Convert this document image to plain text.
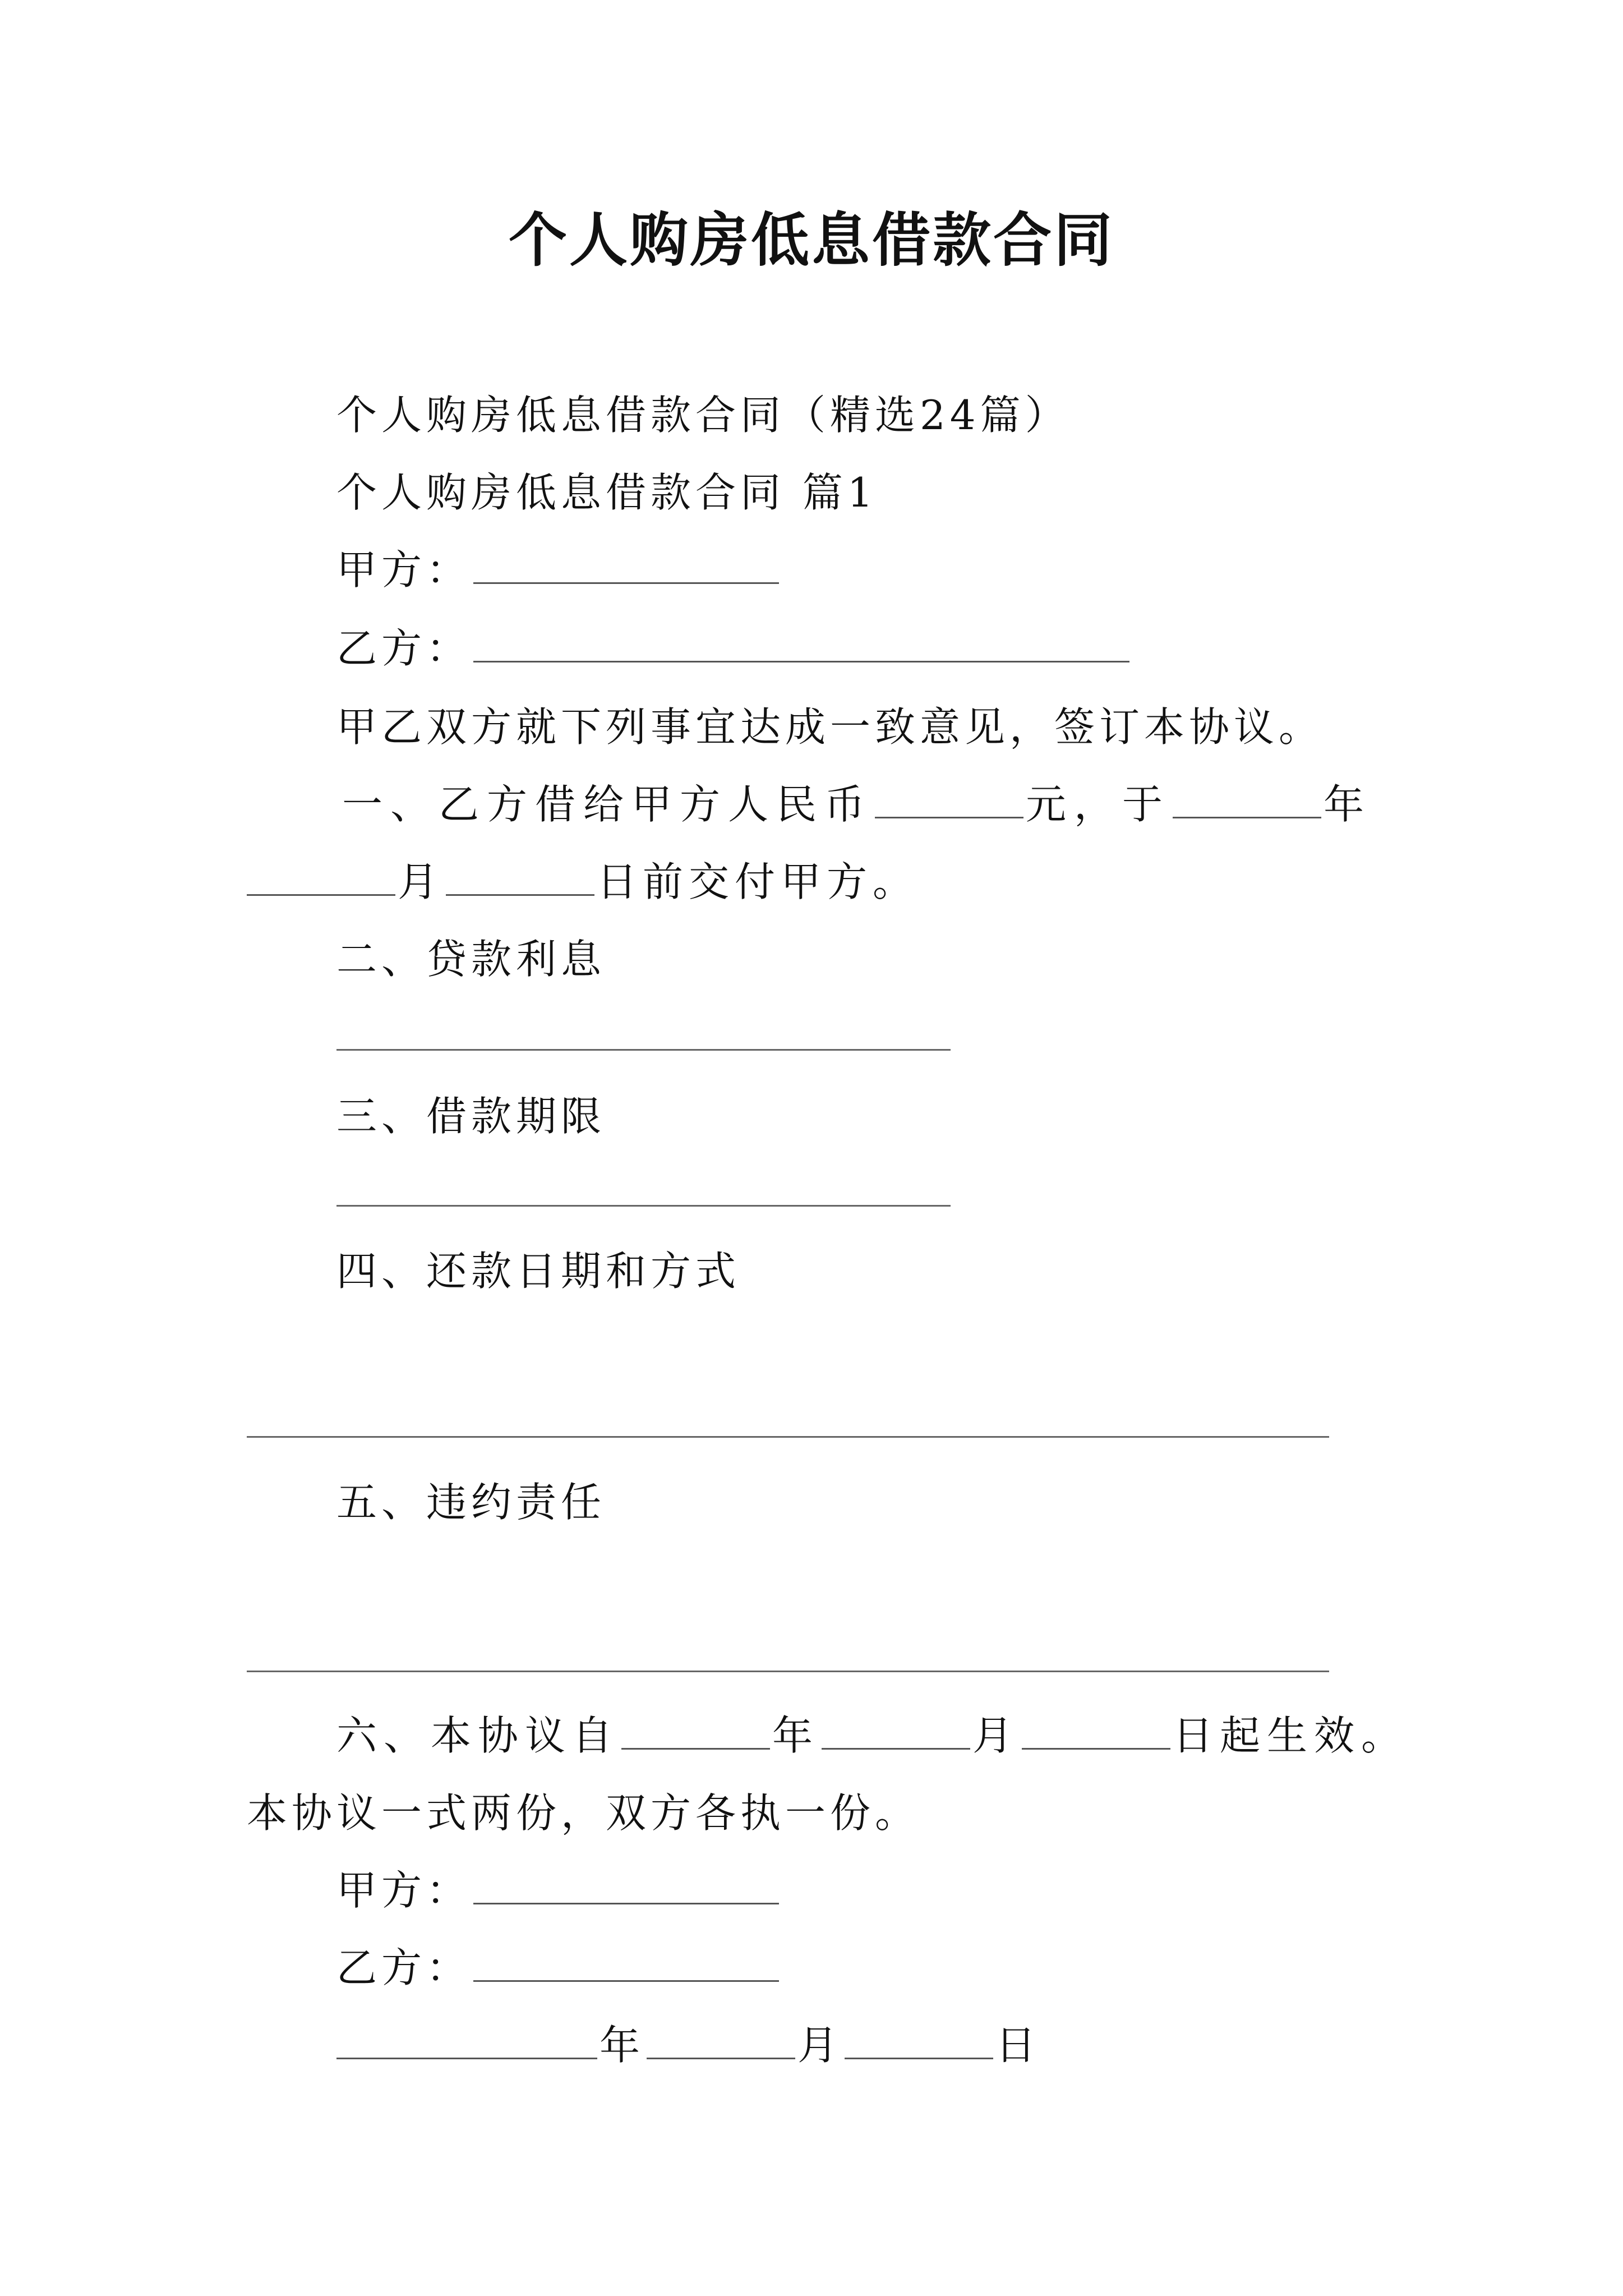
个人购房低息借款合同
个人购房低息借款合同（精选24篇）
个人购房低息借款合同 篇1
甲方：
乙方：
甲乙双方就下列事宜达成一致意见，签订本协议。
一、乙方借给甲方人民币	元，于	年
月	日前交付甲方。
二、贷款利息
三、借款期限
四、还款日期和方式
五、违约责任
六、本协议自	年	月	日起生效。
本协议一式两份，双方各执一份。
甲方：
乙方：
年	月	日
